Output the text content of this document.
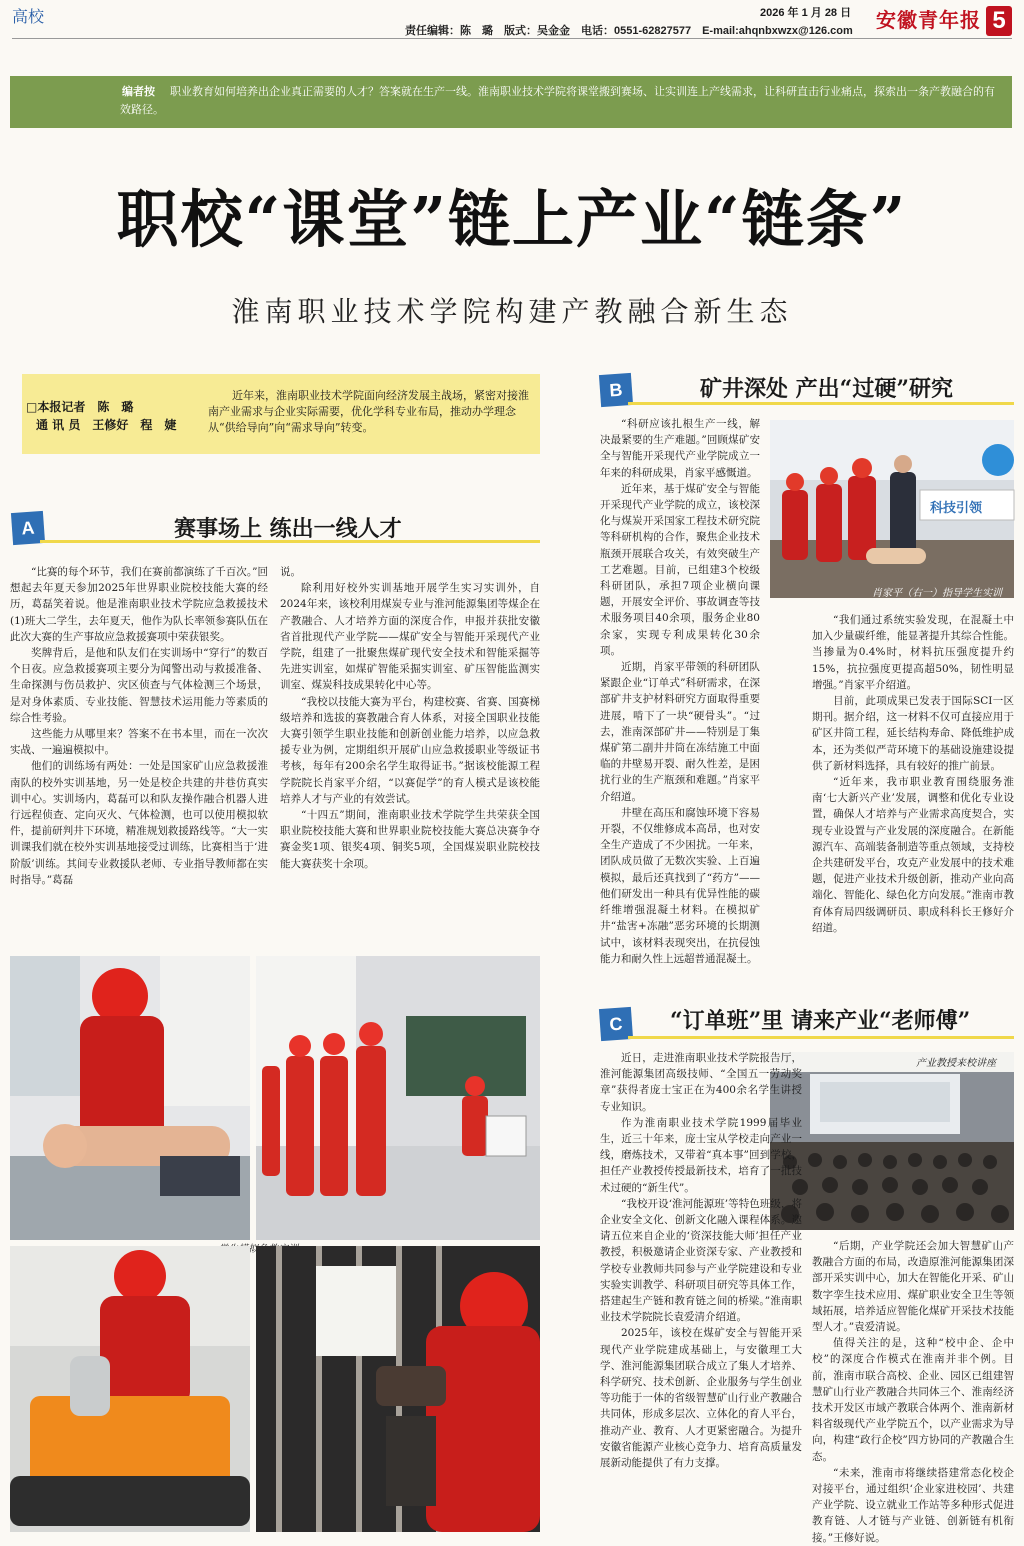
高校	2026 年 1 月 28 日
责任编辑：陈　璐　版式：吴金金　电话：0551-62827577　E-mail:ahqnbxwzx@126.com 安徽青年报 5
编者按	职业教育如何培养出企业真正需要的人才？答案就在生产一线。淮南职业技术学院将课堂搬到赛场、让实训连上产线需求，让科研直击行业痛点，探索出一条产教融合的有效路径。
职校“课堂”链上产业“链条”
淮南职业技术学院构建产教融合新生态
□本报记者　陈　璐
通 讯 员　王修好　程　婕
近年来，淮南职业技术学院面向经济发展主战场，紧密对接淮南产业需求与企业实际需要，优化学科专业布局，推动办学理念从“供给导向”向“需求导向”转变。
A	赛事场上 练出一线人才

“比赛的每个环节，我们在赛前都演练了千百次。”回想起去年夏天参加2025年世界职业院校技能大赛的经历，葛磊笑着说。他是淮南职业技术学院应急救援技术(1)班大二学生，去年夏天，他作为队长率领参赛队伍在此次大赛的生产事故应急救援赛项中荣获银奖。

奖牌背后，是他和队友们在实训场中“穿行”的数百个日夜。应急救援赛项主要分为闻警出动与救援准备、生命探测与伤员救护、灾区侦查与气体检测三个场景，是对身体素质、专业技能、智慧技术运用能力等素质的综合性考验。

这些能力从哪里来？答案不在书本里，而在一次次实战、一遍遍模拟中。

他们的训练场有两处：一处是国家矿山应急救援淮南队的校外实训基地，另一处是校企共建的井巷仿真实训中心。实训场内，葛磊可以和队友操作融合机器人进行远程侦查、定向灭火、气体检测，也可以使用模拟软件，提前研判井下环境，精准规划救援路线等。“大一实训课我们就在校外实训基地接受过训练，比赛相当于‘进阶版’训练。其间专业救援队老师、专业指导教师都在实时指导。”葛磊

说。

除利用好校外实训基地开展学生实习实训外，自2024年来，该校利用煤炭专业与淮河能源集团等煤企在产教融合、人才培养方面的深度合作，申报并获批安徽省首批现代产业学院——煤矿安全与智能开采现代产业学院，组建了一批聚焦煤矿现代安全技术和智能采掘等先进实训室，如煤矿智能采掘实训室、矿压智能监测实训室、煤炭科技成果转化中心等。

“我校以技能大赛为平台，构建校赛、省赛、国赛梯级培养和选拔的赛教融合育人体系，对接全国职业技能大赛引领学生职业技能和创新创业能力培养，以应急救援专业为例，定期组织开展矿山应急救援职业等级证书考核，每年有200余名学生取得证书。”据该校能源工程学院院长肖家平介绍，“以赛促学”的育人模式是该校能培养人才与产业的有效尝试。

“十四五”期间，淮南职业技术学院学生共荣获全国职业院校技能大赛和世界职业院校技能大赛总决赛争夺赛金奖1项、银奖4项、铜奖5项，全国煤炭职业院校技能大赛获奖十余项。

B	矿井深处 产出“过硬”研究
科技引领
肖家平（右一）指导学生实训

“科研应该扎根生产一线，解决最紧要的生产难题。”回顾煤矿安全与智能开采现代产业学院成立一年来的科研成果，肖家平感慨道。

近年来，基于煤矿安全与智能开采现代产业学院的成立，该校深化与煤炭开采国家工程技术研究院等科研机构的合作，聚焦企业技术瓶颈开展联合攻关，有效突破生产工艺难题。目前，已组建3个校级科研团队，承担7项企业横向课题，开展安全评价、事故调查等技术服务项目40余项，服务企业80余家，实现专利成果转化30余项。

近期，肖家平带领的科研团队紧跟企业“订单式”科研需求，在深部矿井支护材料研究方面取得重要进展，啃下了一块“硬骨头”。“过去，淮南深部矿井——特别是丁集煤矿第二副井井筒在冻结施工中面临的井壁易开裂、耐久性差，是困扰行业的生产瓶颈和难题。”肖家平介绍道。

井壁在高压和腐蚀环境下容易开裂，不仅维修成本高昂，也对安全生产造成了不少困扰。一年来，团队成员做了无数次实验、上百遍模拟，最后还真找到了“药方”——他们研发出一种具有优异性能的碳纤维增强混凝土材料。在模拟矿井“盐害+冻融”恶劣环境的长期测试中，该材料表现突出，在抗侵蚀能力和耐久性上远超普通混凝土。

“我们通过系统实验发现，在混凝土中加入少量碳纤维，能显著提升其综合性能。当掺量为0.4%时，材料抗压强度提升约15%，抗拉强度更提高超50%，韧性明显增强。”肖家平介绍道。

目前，此项成果已发表于国际SCI一区期刊。据介绍，这一材料不仅可直接应用于矿区井筒工程，延长结构寿命、降低维护成本，还为类似严苛环境下的基础设施建设提供了新材料选择，具有较好的推广前景。

“近年来，我市职业教育围绕服务淮南‘七大新兴产业’发展，调整和优化专业设置，确保人才培养与产业需求高度契合，实现专业设置与产业发展的深度融合。在新能源汽车、高端装备制造等重点领域，支持校企共建研发平台，攻克产业发展中的技术难题，促进产业技术升级创新，推动产业向高端化、智能化、绿色化方向发展。”淮南市教育体育局四级调研员、职成科科长王修好介绍道。

C	“订单班”里 请来产业“老师傅”
产业教授来校讲座

近日，走进淮南职业技术学院报告厅，淮河能源集团高级技师、“全国五一劳动奖章”获得者庞士宝正在为400余名学生讲授专业知识。

作为淮南职业技术学院1999届毕业生，近三十年来，庞士宝从学校走向产业一线，磨炼技术，又带着“真本事”回到学校，担任产业教授传授最新技术，培育了一批技术过硬的“新生代”。

“我校开设‘淮河能源班’等特色班级，将企业安全文化、创新文化融入课程体系。邀请五位来自企业的‘资深技能大师’担任产业教授，积极邀请企业资深专家、产业教授和学校专业教师共同参与产业学院建设和专业实验实训教学、科研项目研究等具体工作，搭建起生产链和教育链之间的桥梁。”淮南职业技术学院院长袁爱清介绍道。

2025年，该校在煤矿安全与智能开采现代产业学院建成基础上，与安徽理工大学、淮河能源集团联合成立了集人才培养、科学研究、技术创新、企业服务与学生创业等功能于一体的省级智慧矿山行业产教融合共同体，形成多层次、立体化的育人平台，推动产业、教育、人才更紧密融合。为提升安徽省能源产业核心竞争力、培育高质量发展新动能提供了有力支撑。

“后期，产业学院还会加大智慧矿山产教融合方面的布局，改造原淮河能源集团深部开采实训中心，加大在智能化开采、矿山数字孪生技术应用、煤矿职业安全卫生等领域拓展，培养适应智能化煤矿开采技术技能型人才。”袁爱清说。

值得关注的是，这种“校中企、企中校”的深度合作模式在淮南并非个例。目前，淮南市联合高校、企业、园区已组建智慧矿山行业产教融合共同体三个、淮南经济技术开发区市域产教联合体两个、淮南新材料省级现代产业学院五个，以产业需求为导向，构建“政行企校”四方协同的产教融合生态。

“未来，淮南市将继续搭建常态化校企对接平台，通过组织‘企业家进校园’、共建产业学院、设立就业工作站等多种形式促进教育链、人才链与产业链、创新链有机衔接。”王修好说。
